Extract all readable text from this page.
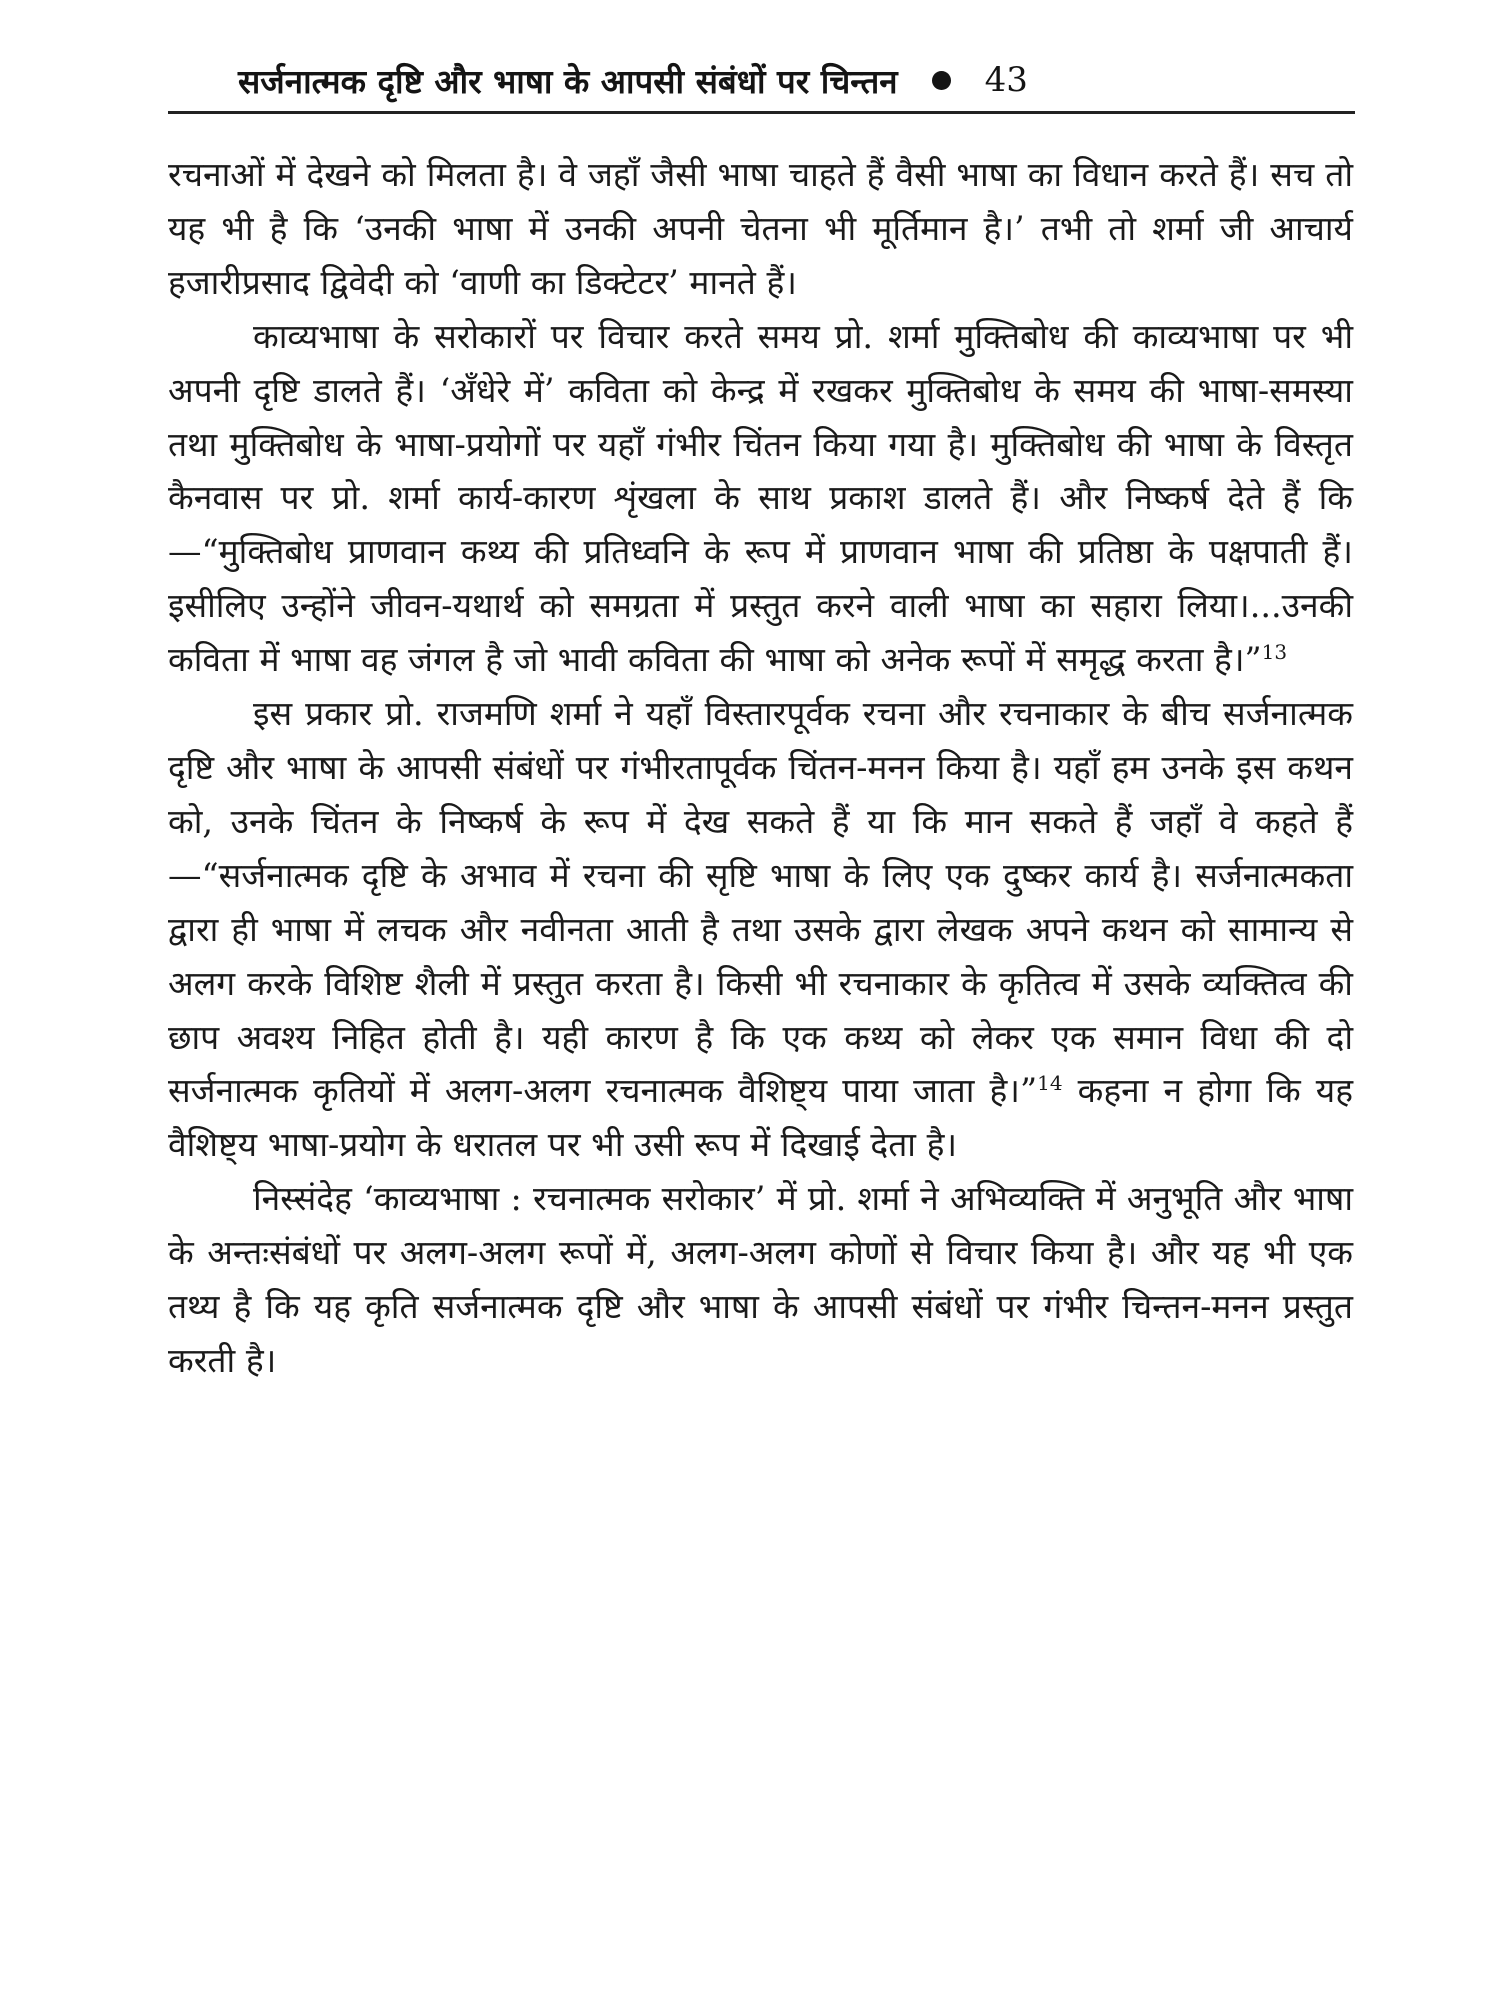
सर्जनात्मक दृष्टि और भाषा के आपसी संबंधों पर चिन्तन	43

रचनाओं में देखने को मिलता है। वे जहाँ जैसी भाषा चाहते हैं वैसी भाषा का विधान करते हैं। सच तो यह भी है कि ‘उनकी भाषा में उनकी अपनी चेतना भी मूर्तिमान है।’ तभी तो शर्मा जी आचार्य हजारीप्रसाद द्विवेदी को ‘वाणी का डिक्टेटर’ मानते हैं।

काव्यभाषा के सरोकारों पर विचार करते समय प्रो. शर्मा मुक्तिबोध की काव्यभाषा पर भी अपनी दृष्टि डालते हैं। ‘अँधेरे में’ कविता को केन्द्र में रखकर मुक्तिबोध के समय की भाषा-समस्या तथा मुक्तिबोध के भाषा-प्रयोगों पर यहाँ गंभीर चिंतन किया गया है। मुक्तिबोध की भाषा के विस्तृत कैनवास पर प्रो. शर्मा कार्य-कारण शृंखला के साथ प्रकाश डालते हैं। और निष्कर्ष देते हैं कि—“मुक्तिबोध प्राणवान कथ्य की प्रतिध्वनि के रूप में प्राणवान भाषा की प्रतिष्ठा के पक्षपाती हैं। इसीलिए उन्होंने जीवन-यथार्थ को समग्रता में प्रस्तुत करने वाली भाषा का सहारा लिया।...उनकी कविता में भाषा वह जंगल है जो भावी कविता की भाषा को अनेक रूपों में समृद्ध करता है।”$^{13}$

इस प्रकार प्रो. राजमणि शर्मा ने यहाँ विस्तारपूर्वक रचना और रचनाकार के बीच सर्जनात्मक दृष्टि और भाषा के आपसी संबंधों पर गंभीरतापूर्वक चिंतन-मनन किया है। यहाँ हम उनके इस कथन को, उनके चिंतन के निष्कर्ष के रूप में देख सकते हैं या कि मान सकते हैं जहाँ वे कहते हैं—“सर्जनात्मक दृष्टि के अभाव में रचना की सृष्टि भाषा के लिए एक दुष्कर कार्य है। सर्जनात्मकता द्वारा ही भाषा में लचक और नवीनता आती है तथा उसके द्वारा लेखक अपने कथन को सामान्य से अलग करके विशिष्ट शैली में प्रस्तुत करता है। किसी भी रचनाकार के कृतित्व में उसके व्यक्तित्व की छाप अवश्य निहित होती है। यही कारण है कि एक कथ्य को लेकर एक समान विधा की दो सर्जनात्मक कृतियों में अलग-अलग रचनात्मक वैशिष्ट्य पाया जाता है।”$^{14}$ कहना न होगा कि यह वैशिष्ट्य भाषा-प्रयोग के धरातल पर भी उसी रूप में दिखाई देता है।

निस्संदेह ‘काव्यभाषा : रचनात्मक सरोकार’ में प्रो. शर्मा ने अभिव्यक्ति में अनुभूति और भाषा के अन्तःसंबंधों पर अलग-अलग रूपों में, अलग-अलग कोणों से विचार किया है। और यह भी एक तथ्य है कि यह कृति सर्जनात्मक दृष्टि और भाषा के आपसी संबंधों पर गंभीर चिन्तन-मनन प्रस्तुत करती है।
